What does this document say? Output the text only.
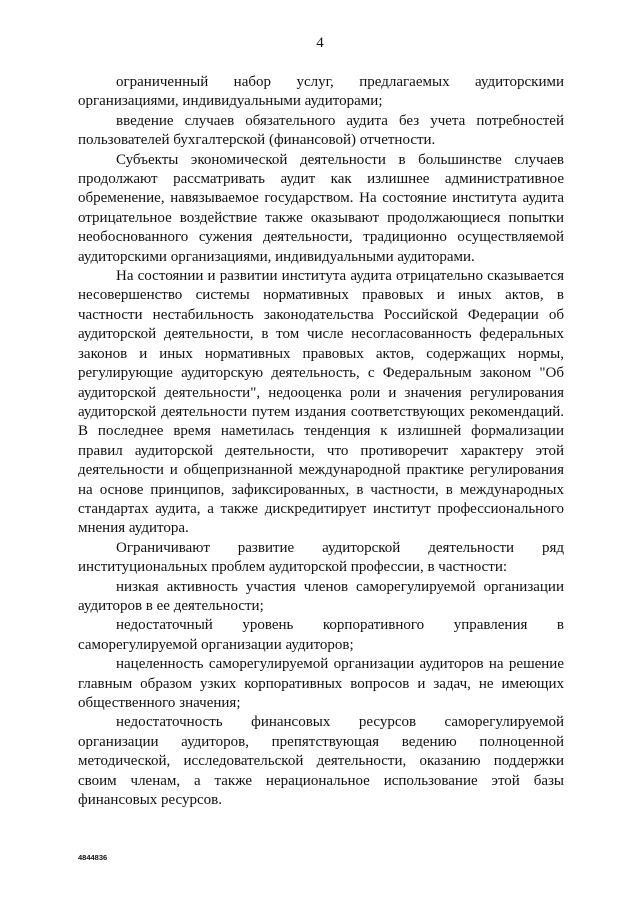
4

ограниченный набор услуг, предлагаемых аудиторскими организациями, индивидуальными аудиторами;

введение случаев обязательного аудита без учета потребностей пользователей бухгалтерской (финансовой) отчетности.

Субъекты экономической деятельности в большинстве случаев продолжают рассматривать аудит как излишнее административное обременение, навязываемое государством. На состояние института аудита отрицательное воздействие также оказывают продолжающиеся попытки необоснованного сужения деятельности, традиционно осуществляемой аудиторскими организациями, индивидуальными аудиторами.

На состоянии и развитии института аудита отрицательно сказывается несовершенство системы нормативных правовых и иных актов, в частности нестабильность законодательства Российской Федерации об аудиторской деятельности, в том числе несогласованность федеральных законов и иных нормативных правовых актов, содержащих нормы, регулирующие аудиторскую деятельность, с Федеральным законом "Об аудиторской деятельности", недооценка роли и значения регулирования аудиторской деятельности путем издания соответствующих рекомендаций. В последнее время наметилась тенденция к излишней формализации правил аудиторской деятельности, что противоречит характеру этой деятельности и общепризнанной международной практике регулирования на основе принципов, зафиксированных, в частности, в международных стандартах аудита, а также дискредитирует институт профессионального мнения аудитора.

Ограничивают развитие аудиторской деятельности ряд институциональных проблем аудиторской профессии, в частности:

низкая активность участия членов саморегулируемой организации аудиторов в ее деятельности;

недостаточный уровень корпоративного управления в саморегулируемой организации аудиторов;

нацеленность саморегулируемой организации аудиторов на решение главным образом узких корпоративных вопросов и задач, не имеющих общественного значения;

недостаточность финансовых ресурсов саморегулируемой организации аудиторов, препятствующая ведению полноценной методической, исследовательской деятельности, оказанию поддержки своим членам, а также нерациональное использование этой базы финансовых ресурсов.

4844836
